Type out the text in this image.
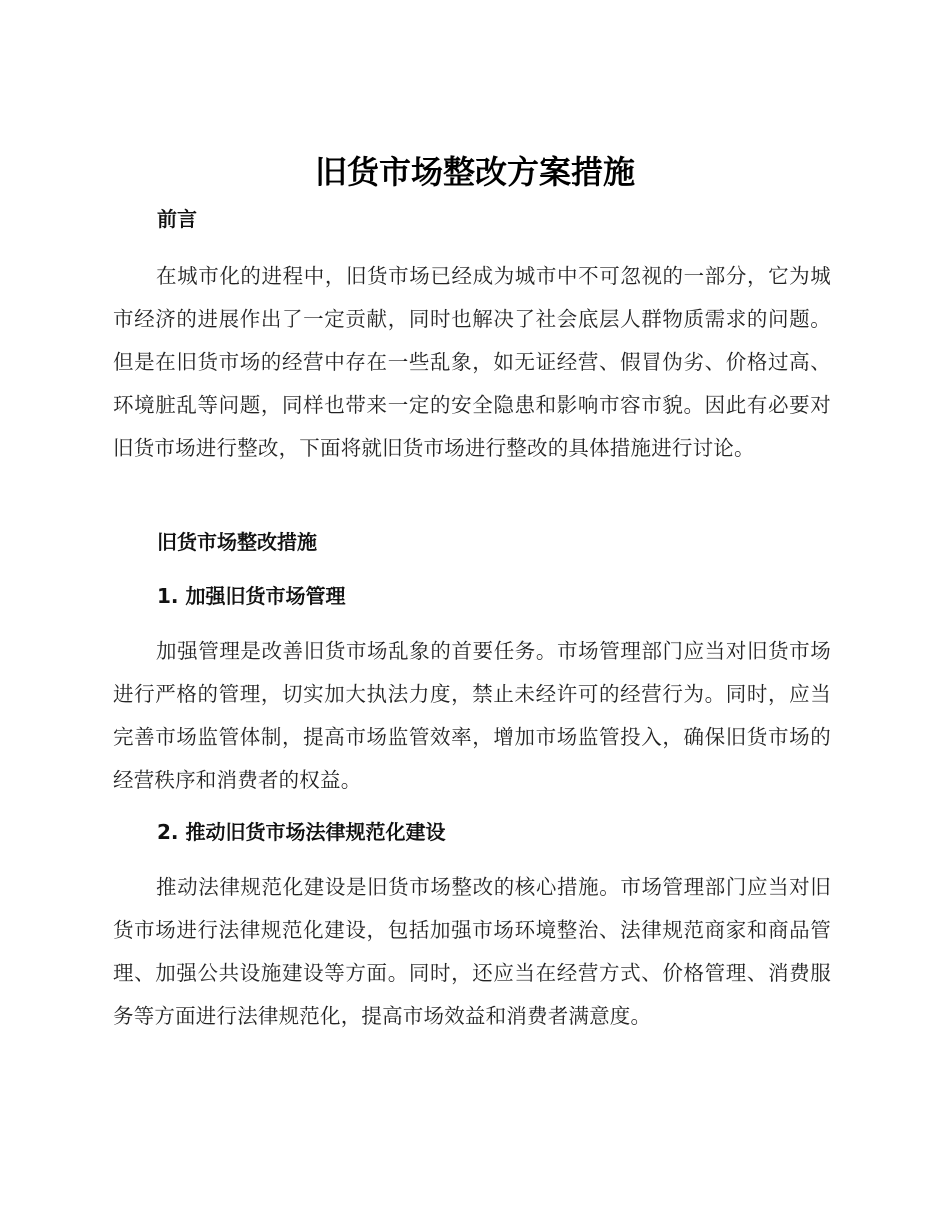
旧货市场整改方案措施
前言

在城市化的进程中，旧货市场已经成为城市中不可忽视的一部分，它为城市经济的进展作出了一定贡献，同时也解决了社会底层人群物质需求的问题。但是在旧货市场的经营中存在一些乱象，如无证经营、假冒伪劣、价格过高、环境脏乱等问题，同样也带来一定的安全隐患和影响市容市貌。因此有必要对旧货市场进行整改，下面将就旧货市场进行整改的具体措施进行讨论。

旧货市场整改措施
1. 加强旧货市场管理

加强管理是改善旧货市场乱象的首要任务。市场管理部门应当对旧货市场进行严格的管理，切实加大执法力度，禁止未经许可的经营行为。同时，应当完善市场监管体制，提高市场监管效率，增加市场监管投入，确保旧货市场的经营秩序和消费者的权益。

2. 推动旧货市场法律规范化建设

推动法律规范化建设是旧货市场整改的核心措施。市场管理部门应当对旧货市场进行法律规范化建设，包括加强市场环境整治、法律规范商家和商品管理、加强公共设施建设等方面。同时，还应当在经营方式、价格管理、消费服务等方面进行法律规范化，提高市场效益和消费者满意度。
